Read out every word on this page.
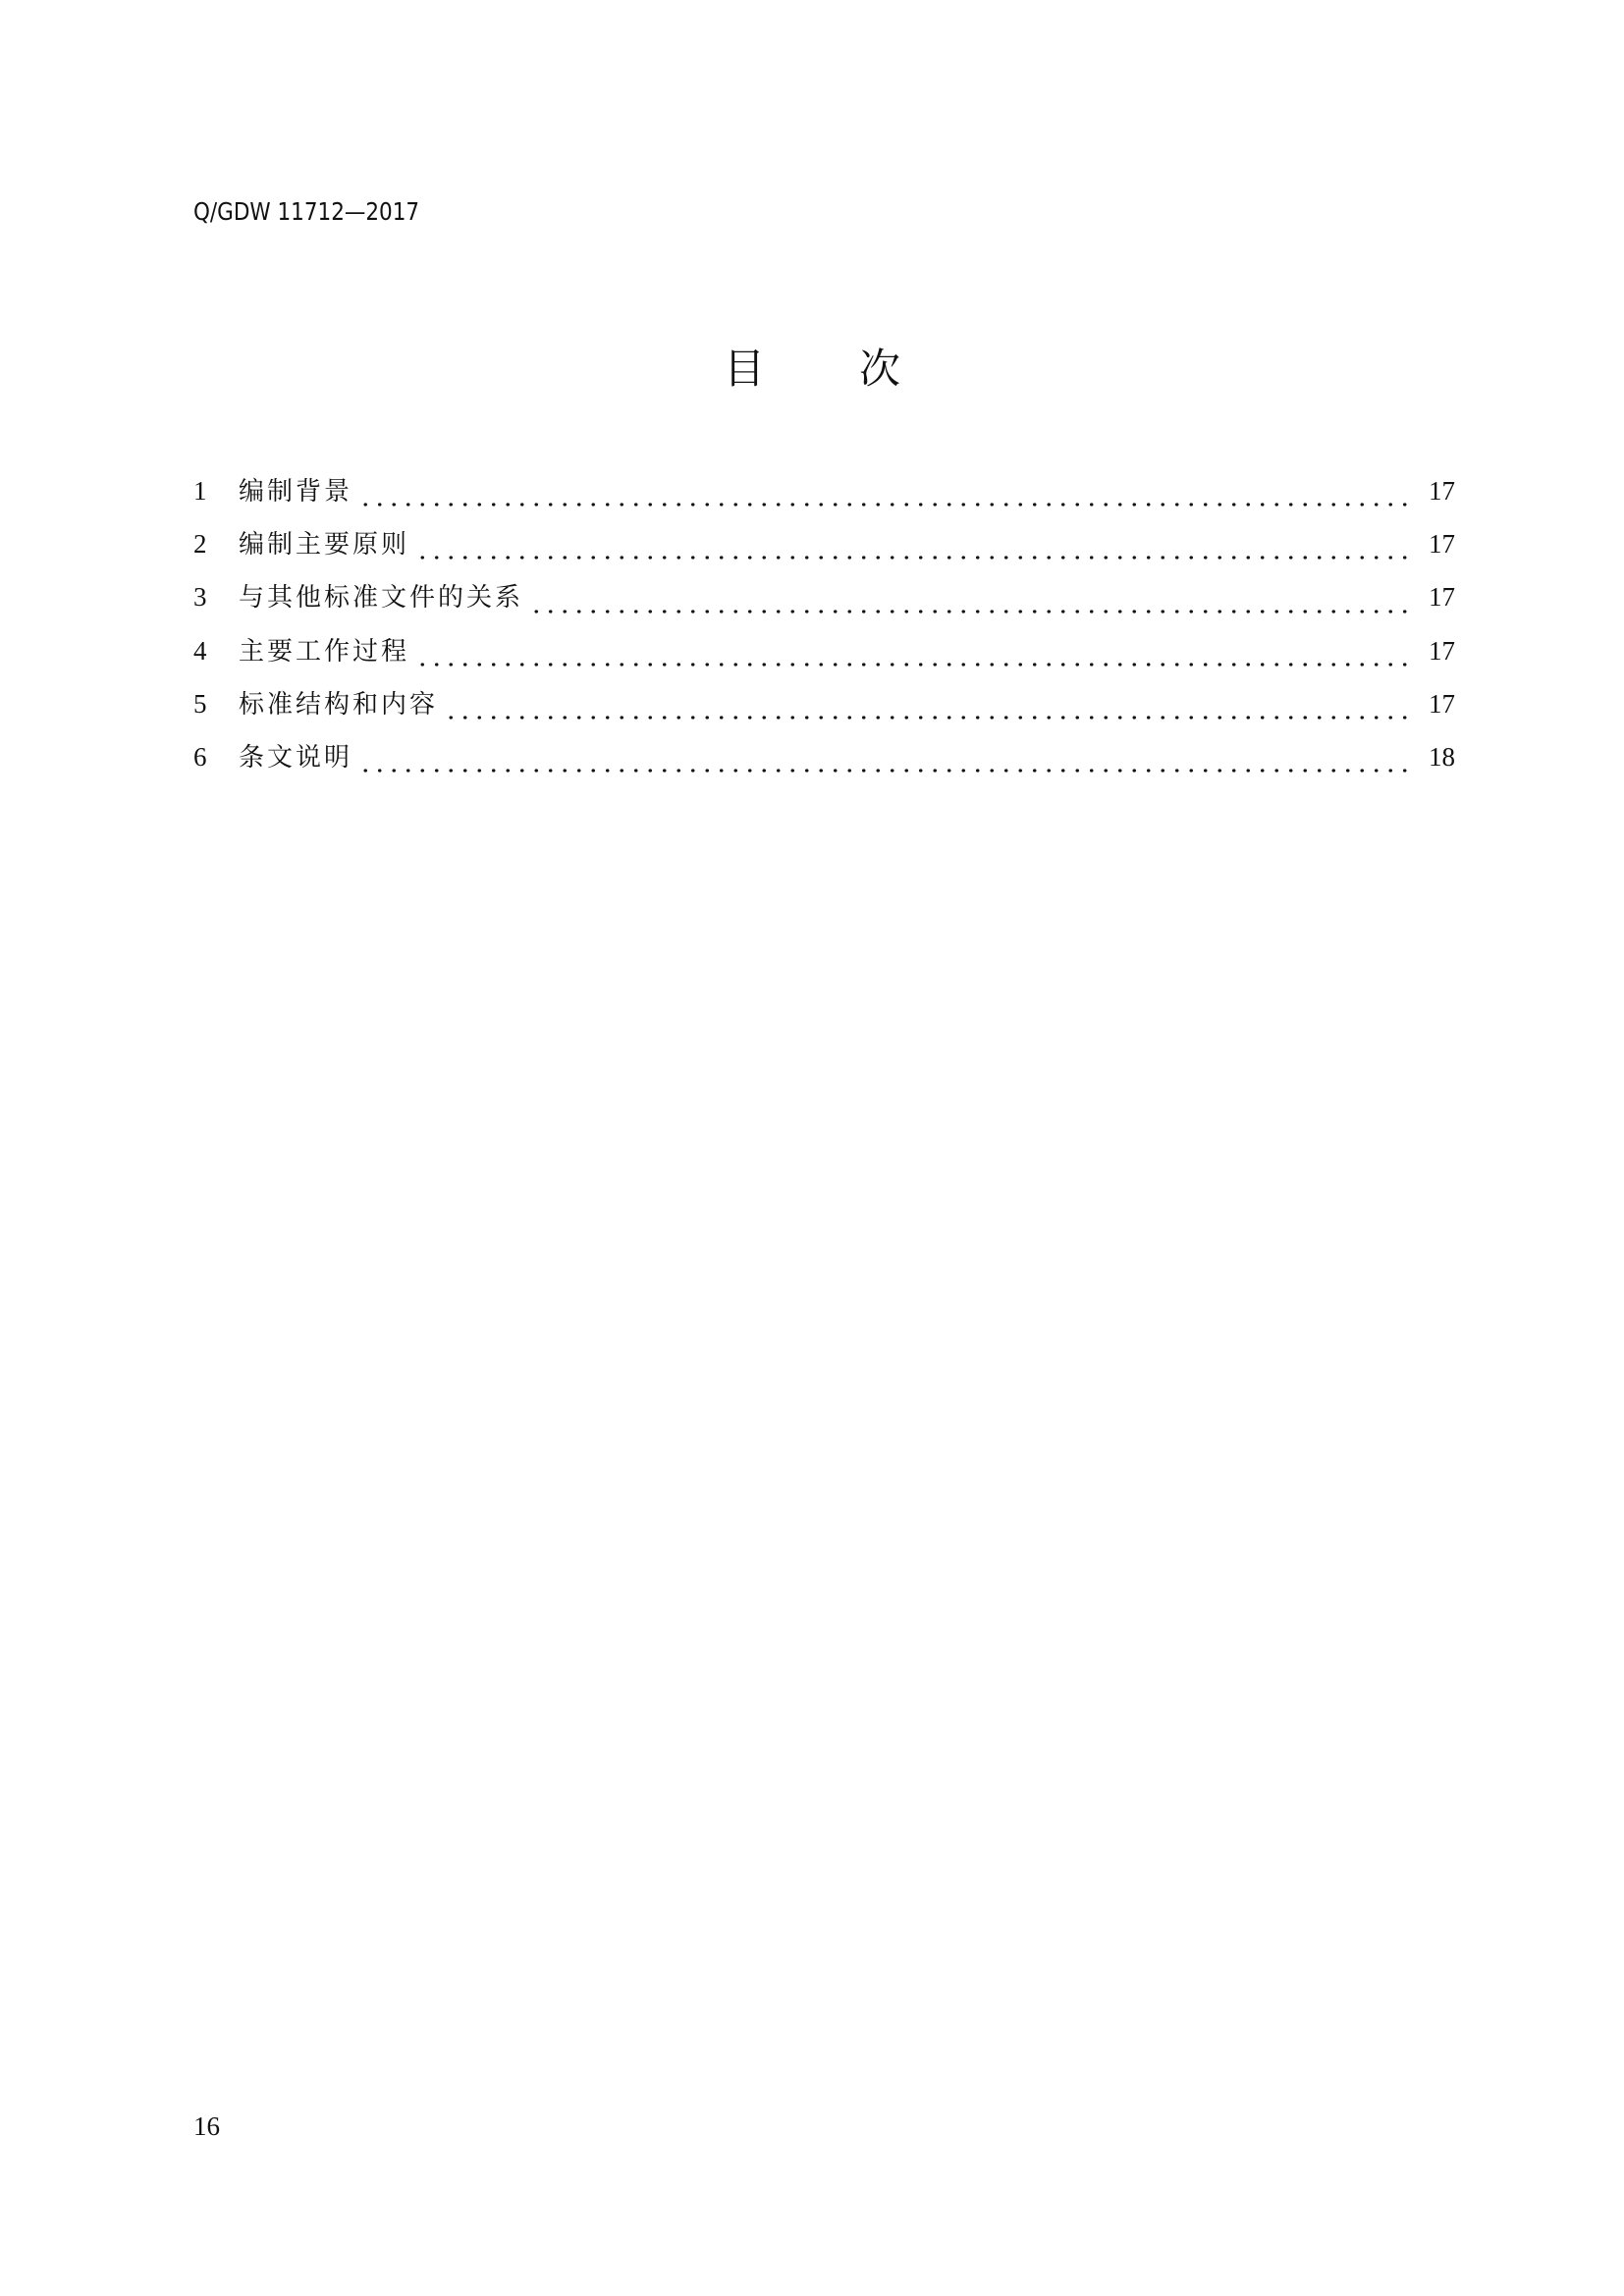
Q/GDW 11712—2017
目 次
1	编制背景	17
2	编制主要原则	17
3	与其他标准文件的关系	17
4	主要工作过程	17
5	标准结构和内容	17
6	条文说明	18
16
